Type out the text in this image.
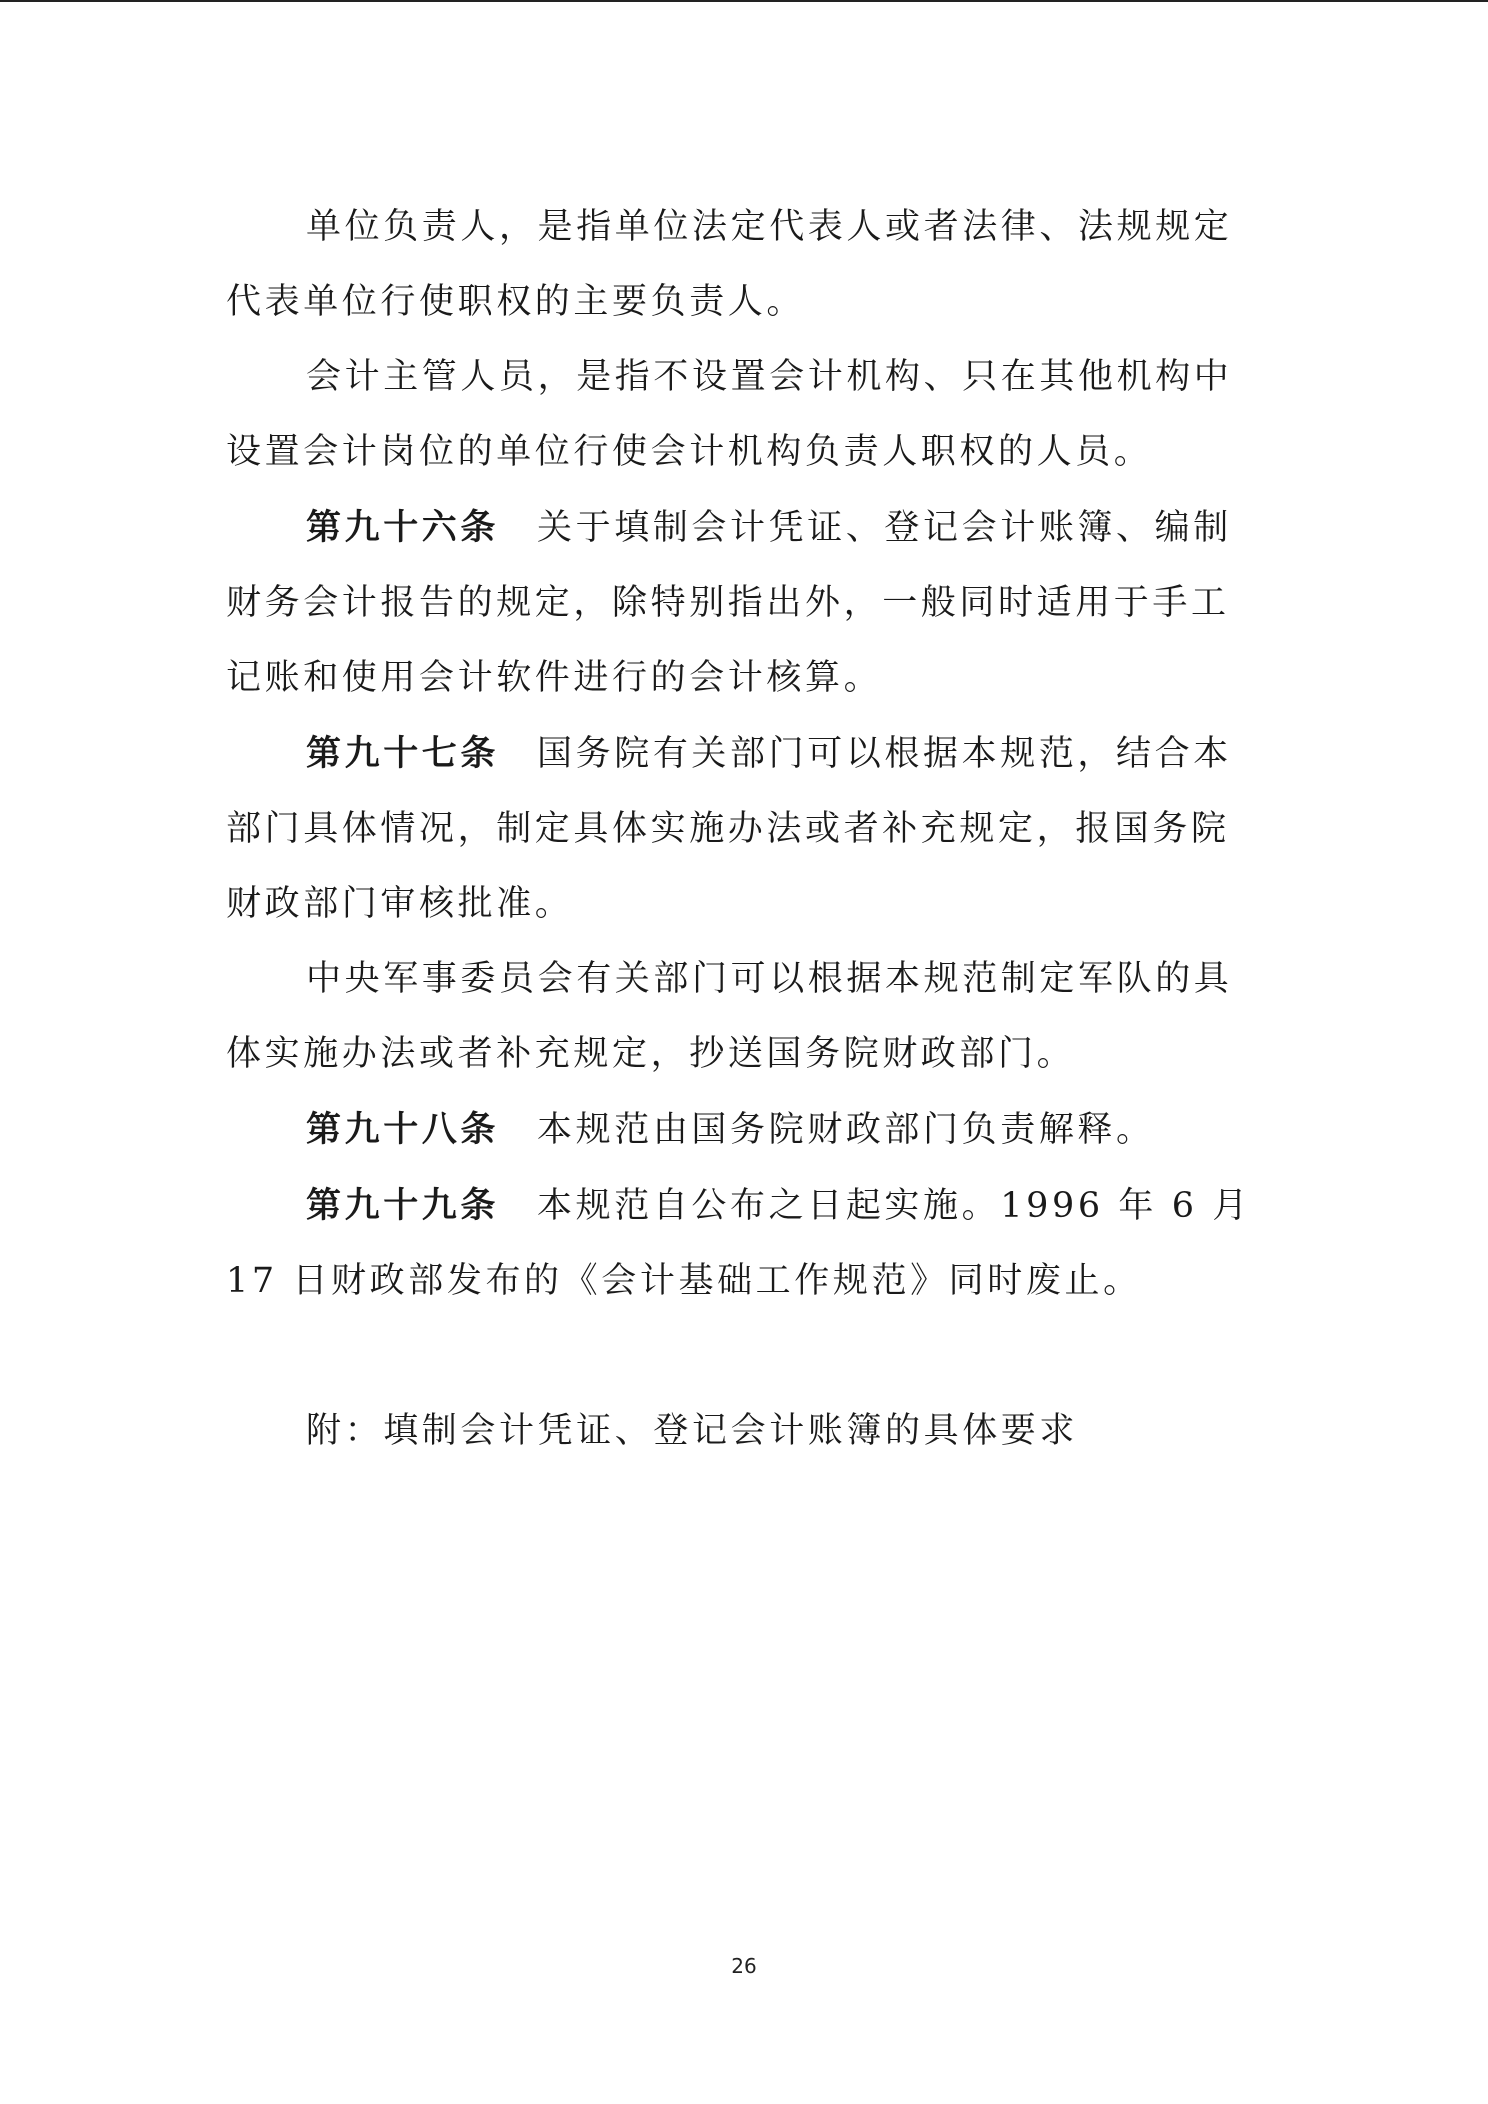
单位负责人，是指单位法定代表人或者法律、法规规定代表单位行使职权的主要负责人。

会计主管人员，是指不设置会计机构、只在其他机构中设置会计岗位的单位行使会计机构负责人职权的人员。

第九十六条 关于填制会计凭证、登记会计账簿、编制财务会计报告的规定，除特别指出外，一般同时适用于手工记账和使用会计软件进行的会计核算。

第九十七条 国务院有关部门可以根据本规范，结合本部门具体情况，制定具体实施办法或者补充规定，报国务院财政部门审核批准。

中央军事委员会有关部门可以根据本规范制定军队的具体实施办法或者补充规定，抄送国务院财政部门。

第九十八条 本规范由国务院财政部门负责解释。

第九十九条 本规范自公布之日起实施。1996 年 6 月17 日财政部发布的《会计基础工作规范》同时废止。

附：填制会计凭证、登记会计账簿的具体要求

26
